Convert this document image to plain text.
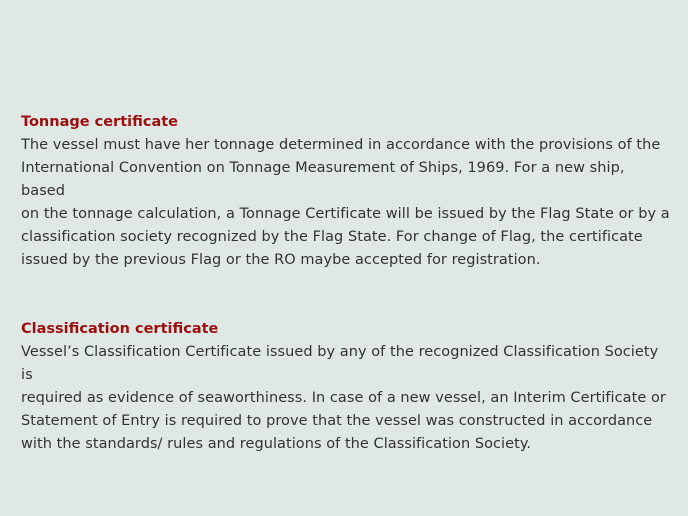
Tonnage certificate
The vessel must have her tonnage determined in accordance with the provisions of the
International Convention on Tonnage Measurement of Ships, 1969. For a new ship, based
on the tonnage calculation, a Tonnage Certificate will be issued by the Flag State or by a
classification society recognized by the Flag State. For change of Flag, the certificate
issued by the previous Flag or the RO maybe accepted for registration.
Classification certificate
Vessel’s Classification Certificate issued by any of the recognized Classification Society is
required as evidence of seaworthiness. In case of a new vessel, an Interim Certificate or
Statement of Entry is required to prove that the vessel was constructed in accordance
with the standards/ rules and regulations of the Classification Society.
